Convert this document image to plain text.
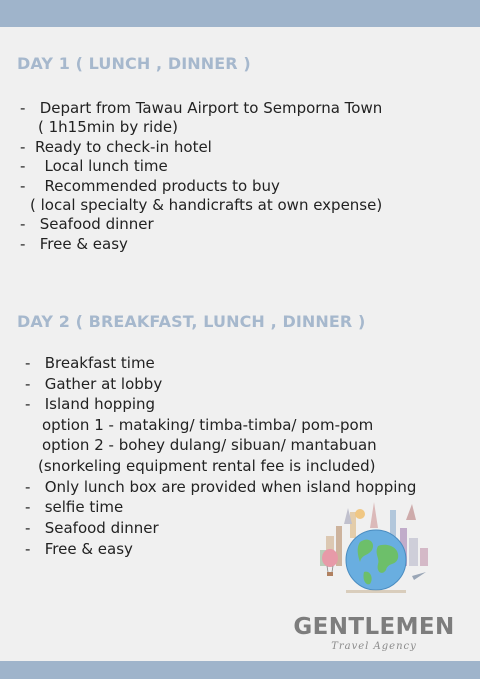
DAY 1 ( LUNCH , DINNER )
-   Depart from Tawau Airport to Semporna Town
( 1h15min by ride)
-  Ready to check-in hotel
-    Local lunch time
-    Recommended products to buy
( local specialty & handicrafts at own expense)
-   Seafood dinner
-   Free & easy
DAY 2 ( BREAKFAST, LUNCH , DINNER )
-   Breakfast time
-   Gather at lobby
-   Island hopping
option 1 - mataking/ timba-timba/ pom-pom
option 2 - bohey dulang/ sibuan/ mantabuan
(snorkeling equipment rental fee is included)
-   Only lunch box are provided when island hopping
-   selfie time
-   Seafood dinner
-   Free & easy
GENTLEMEN
Travel Agency
